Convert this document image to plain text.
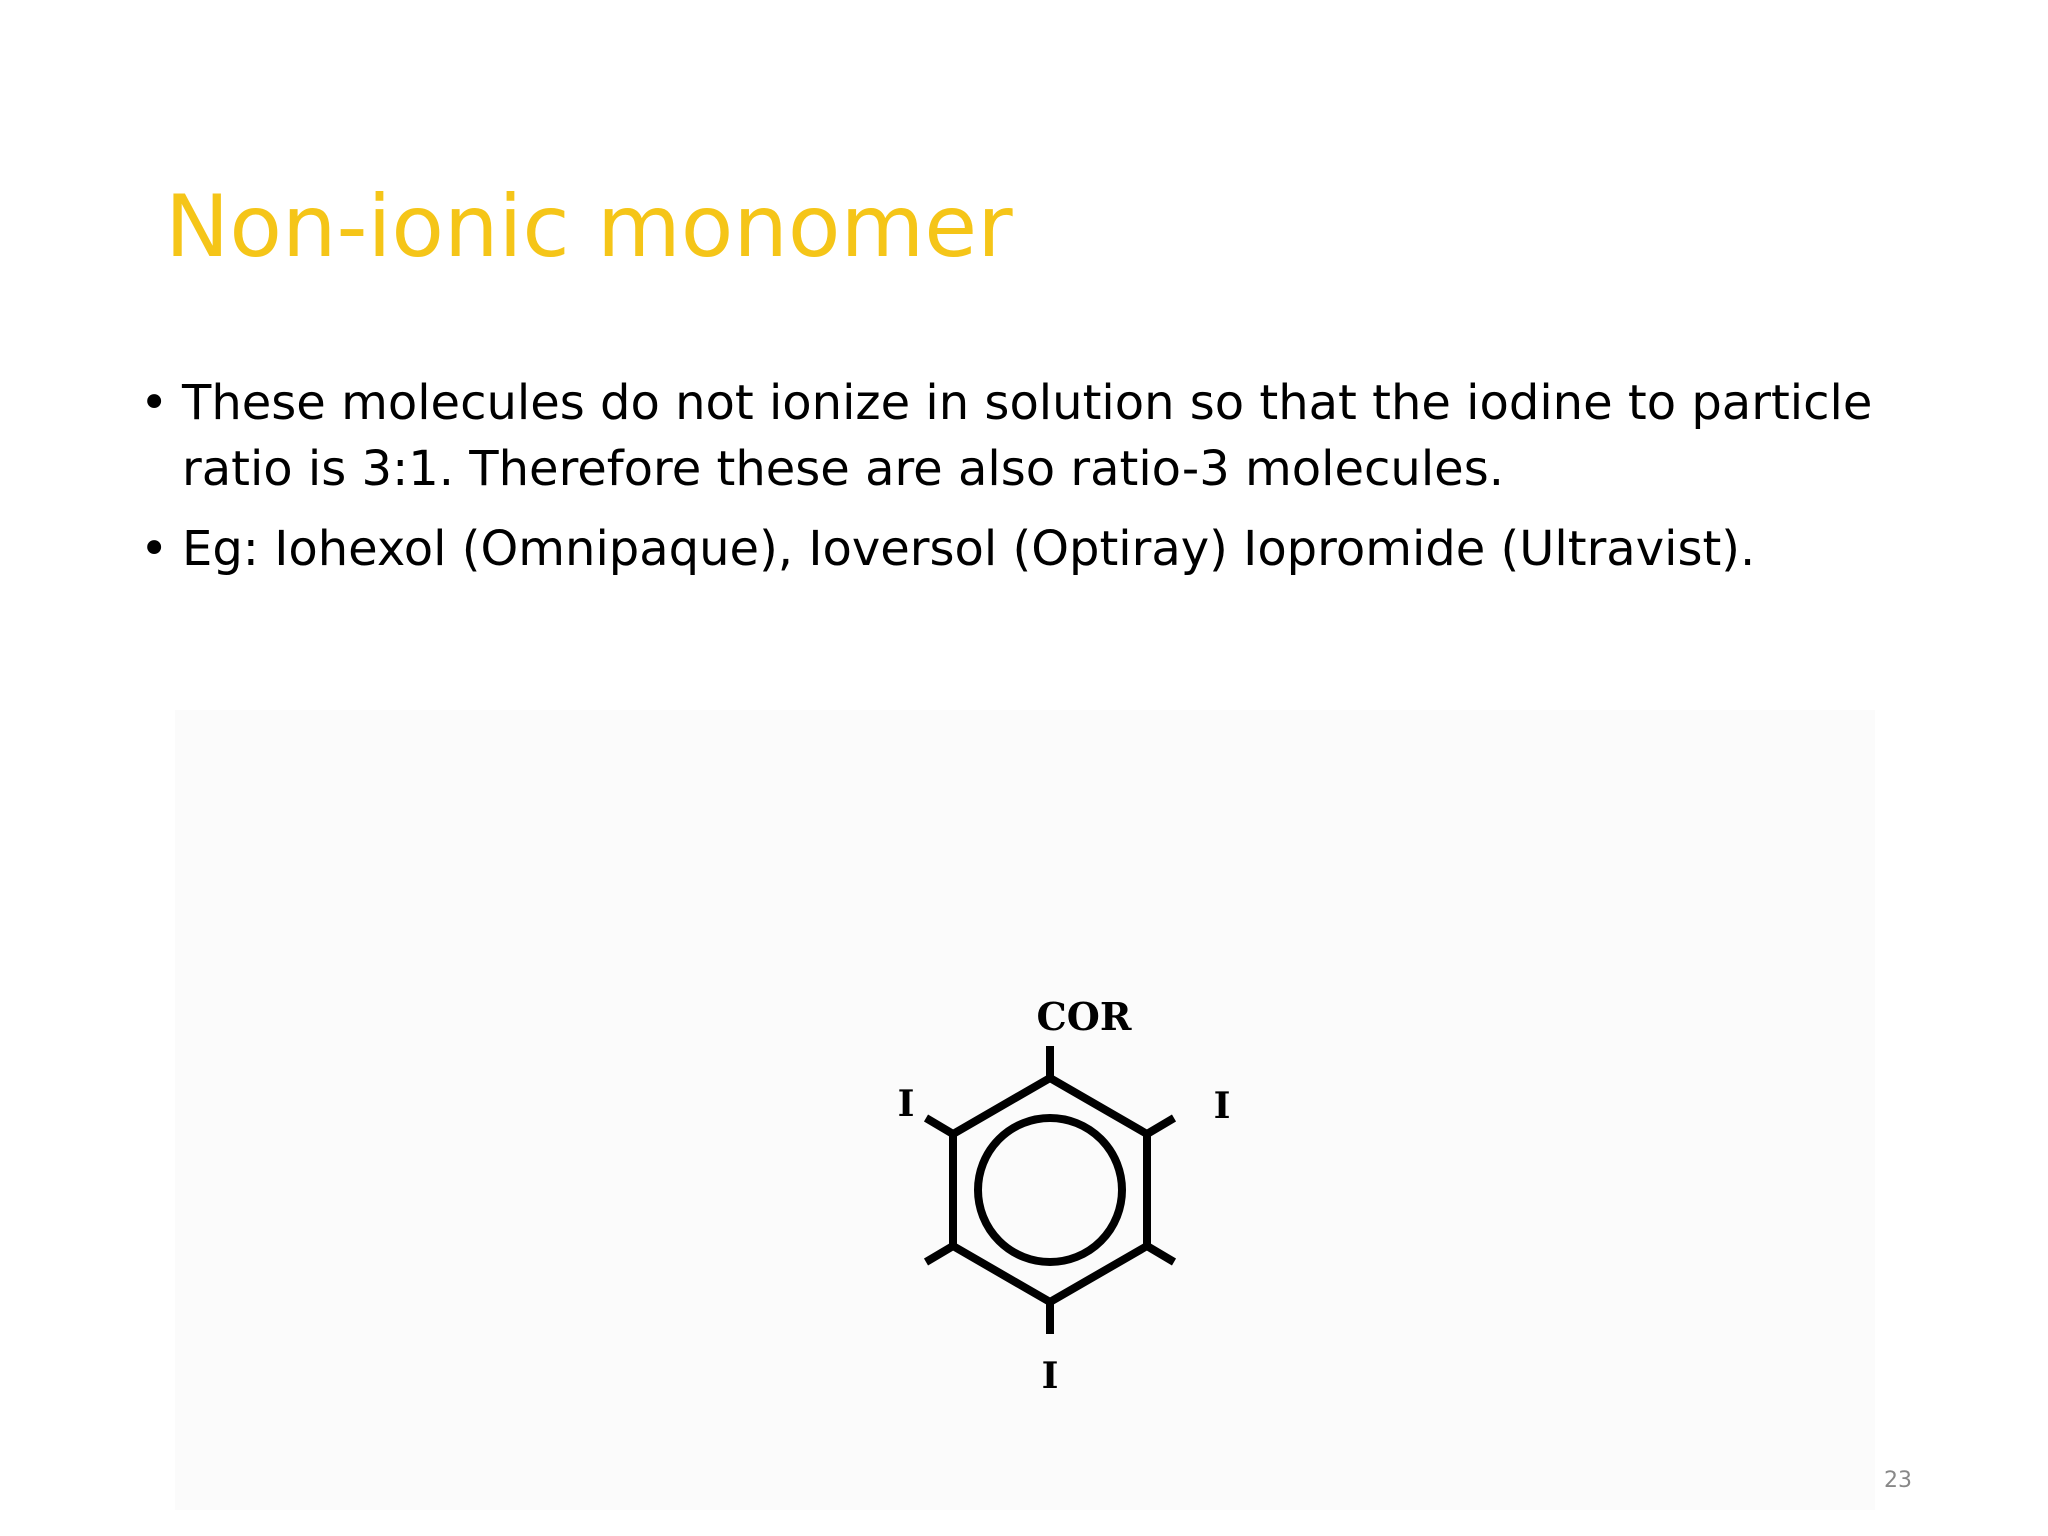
Non-ionic monomer
• These molecules do not ionize in solution so that the iodine to particle ratio is 3:1. Therefore these are also ratio-3 molecules.
• Eg: Iohexol (Omnipaque), Ioversol (Optiray) Iopromide (Ultravist).
COR
I	I
I
23
